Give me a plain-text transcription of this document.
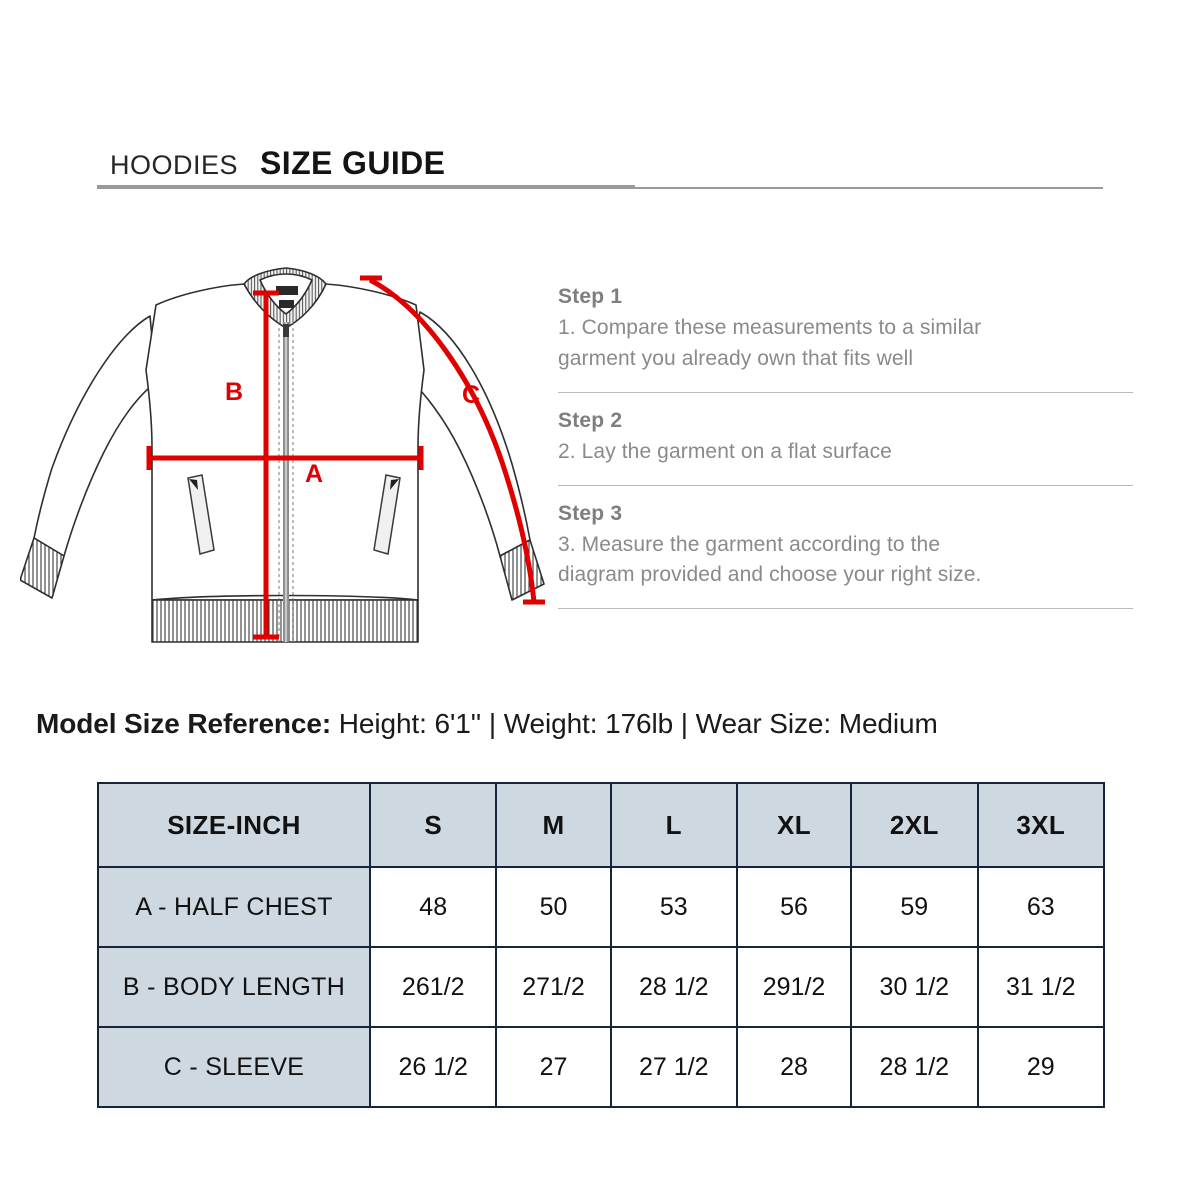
HOODIES SIZE GUIDE
B
A
C
Step 1
1. Compare these measurements to a similar
garment you already own that fits well
Step 2
2. Lay the garment on a flat surface
Step 3
3. Measure the garment according to the
diagram provided and choose your right size.
Model Size Reference: Height: 6'1'' | Weight: 176lb | Wear Size: Medium
SIZE-INCH	S	M	L	XL	2XL	3XL
A - HALF CHEST	48	50	53	56	59	63
B - BODY LENGTH	261/2	271/2	28 1/2	291/2	30 1/2	31 1/2
C - SLEEVE	26 1/2	27	27 1/2	28	28 1/2	29
